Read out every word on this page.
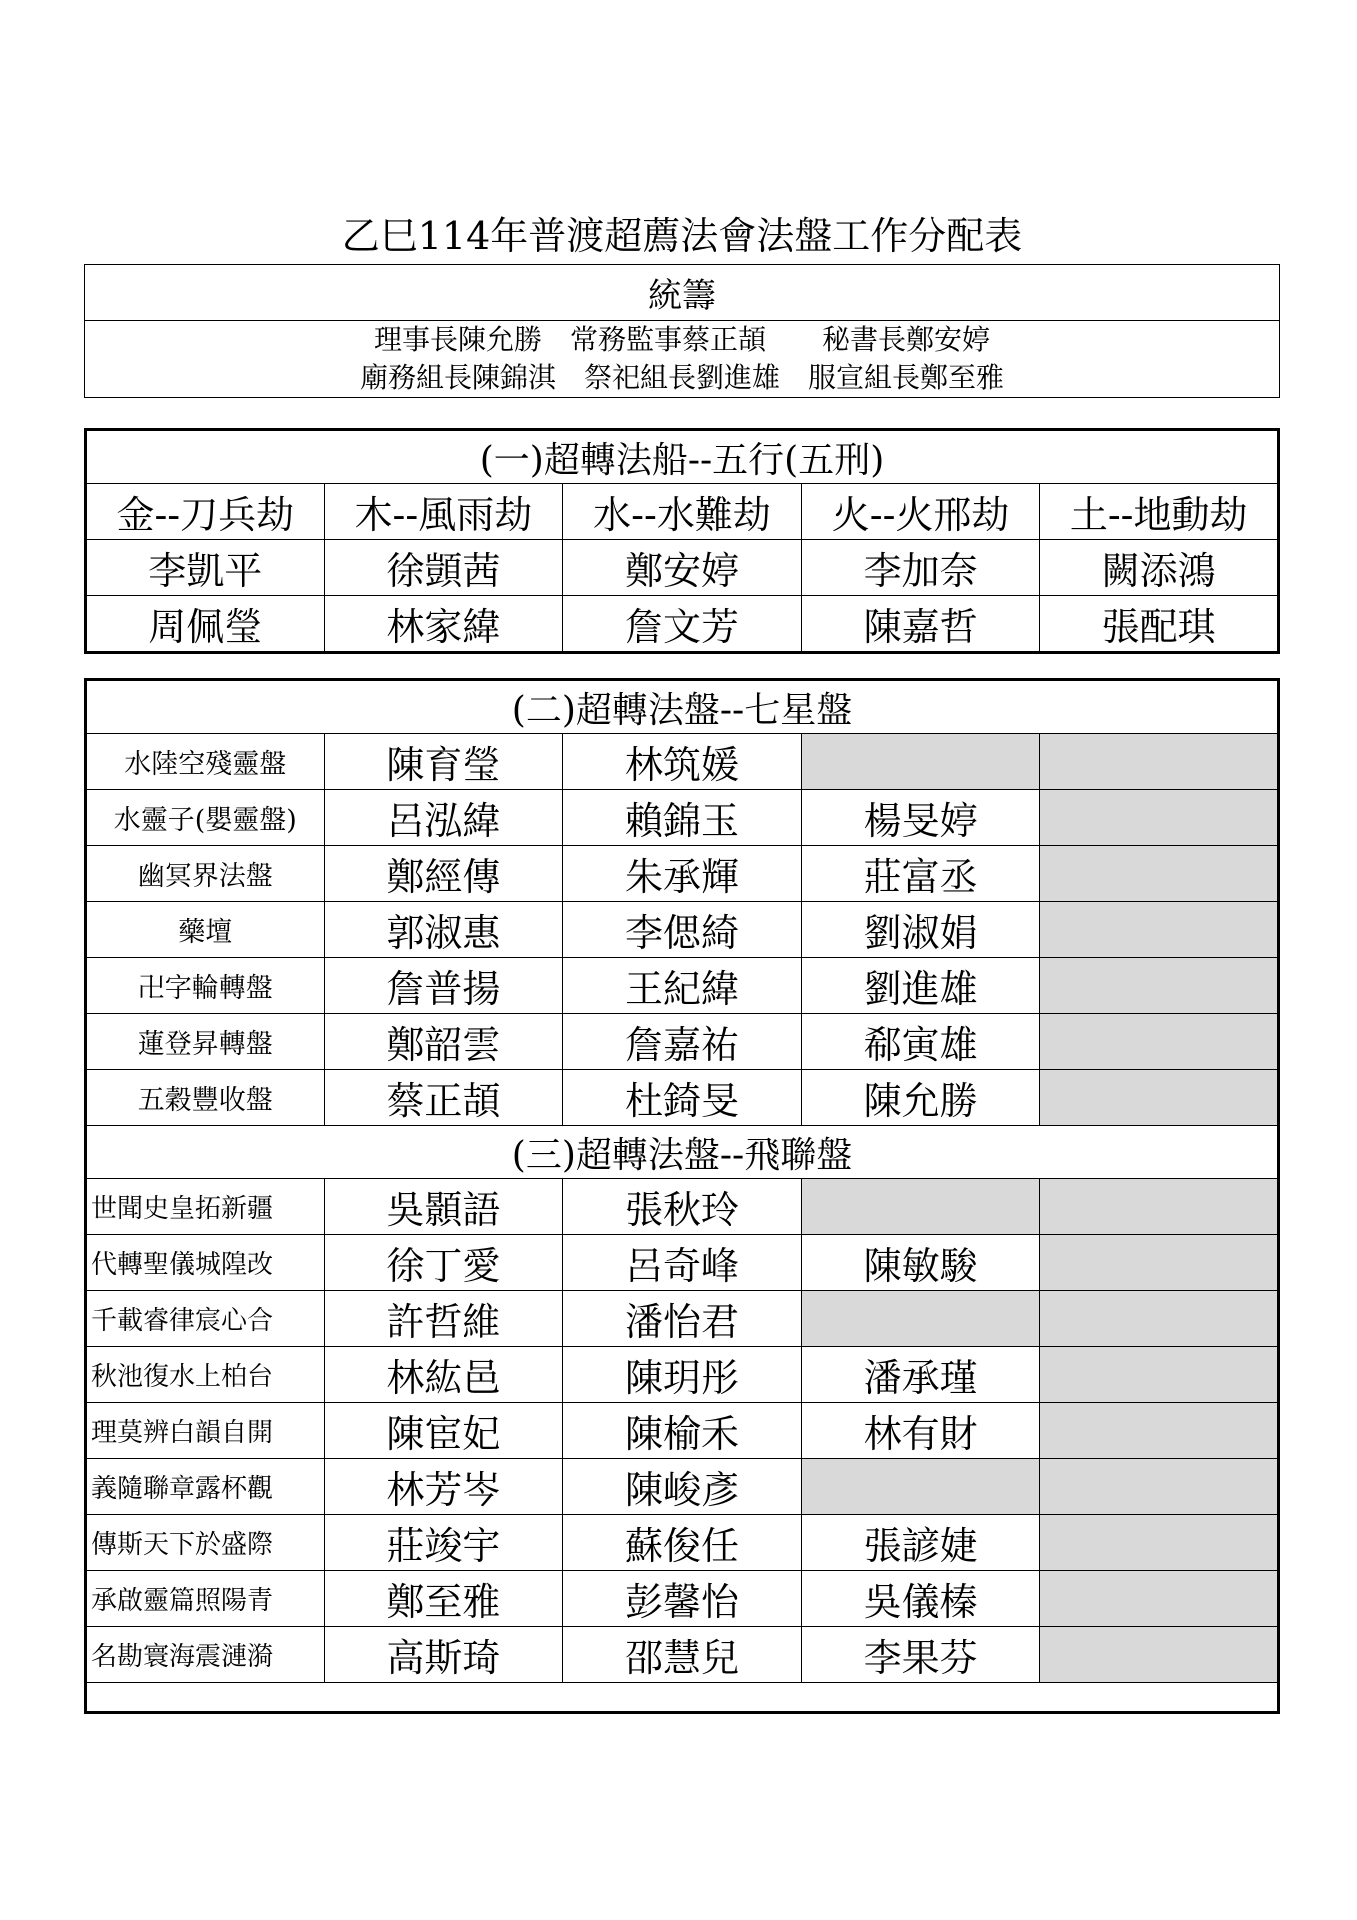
乙巳114年普渡超薦法會法盤工作分配表
統籌

理事長陳允勝　常務監事蔡正頡　　秘書長鄭安婷
廟務組長陳錦淇　祭祀組長劉進雄　服宣組長鄭至雅
(一)超轉法船--五行(五刑)				
金--刀兵劫	木--風雨劫	水--水難劫	火--火邢劫	土--地動劫
李凱平	徐顗茜	鄭安婷	李加奈	闕添鴻
周佩瑩	林家緯	詹文芳	陳嘉哲	張配琪
(二)超轉法盤--七星盤				
水陸空殘靈盤	陳育瑩	林筑媛		
水靈子(嬰靈盤)	呂泓緯	賴錦玉	楊旻婷	
幽冥界法盤	鄭經傳	朱承輝	莊富丞	
藥壇	郭淑惠	李偲綺	劉淑娟	
卍字輪轉盤	詹普揚	王紀緯	劉進雄	
蓮登昇轉盤	鄭韶雲	詹嘉祐	郗寅雄	
五穀豐收盤	蔡正頡	杜錡旻	陳允勝	
(三)超轉法盤--飛聯盤				
世聞史皇拓新疆	吳顥語	張秋玲		
代轉聖儀城隍改	徐丁愛	呂奇峰	陳敏駿	
千載睿律宸心合	許哲維	潘怡君		
秋池復水上柏台	林紘邑	陳玥彤	潘承瑾	
理莫辨白韻自開	陳宦妃	陳榆禾	林有財	
義隨聯章露杯觀	林芳岑	陳峻彥		
傳斯天下於盛際	莊竣宇	蘇俊任	張諺婕	
承啟靈篇照陽青	鄭至雅	彭馨怡	吳儀榛	
名勘寰海震漣漪	高斯琦	邵慧兒	李果芬	
